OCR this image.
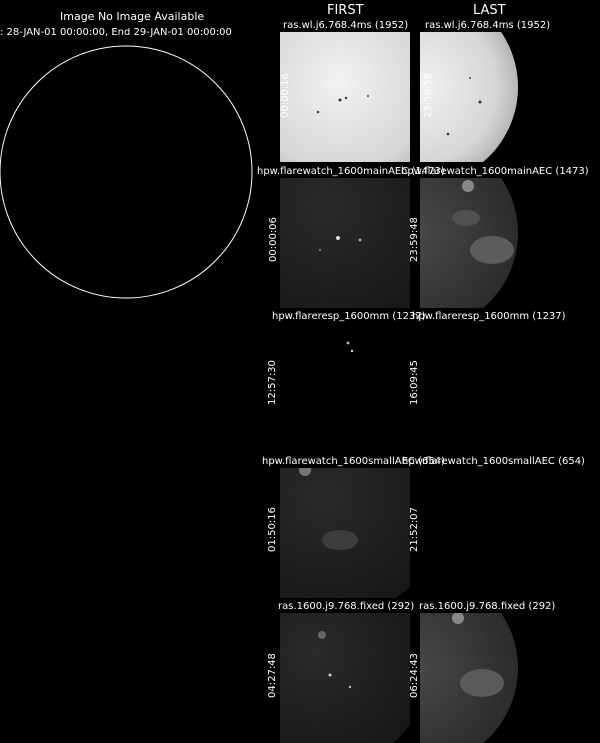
Image No Image Available
: 28-JAN-01 00:00:00, End 29-JAN-01 00:00:00
FIRST	LAST
ras.wl.j6.768.4ms (1952) ras.wl.j6.768.4ms (1952)
00:00:16	23:59:58
hpw.flarewatch_1600mainAEC (1473)
hpw.flarewatch_1600mainAEC (1473)
00:00:06	23:59:48
hpw.flareresp_1600mm (1237)
hpw.flareresp_1600mm (1237)
12:57:30	16:09:45
hpw.flarewatch_1600smallAEC (654)
hpw.flarewatch_1600smallAEC (654)
01:50:16	21:52:07
ras.1600.j9.768.fixed (292) ras.1600.j9.768.fixed (292)
04:27:48	06:24:43
